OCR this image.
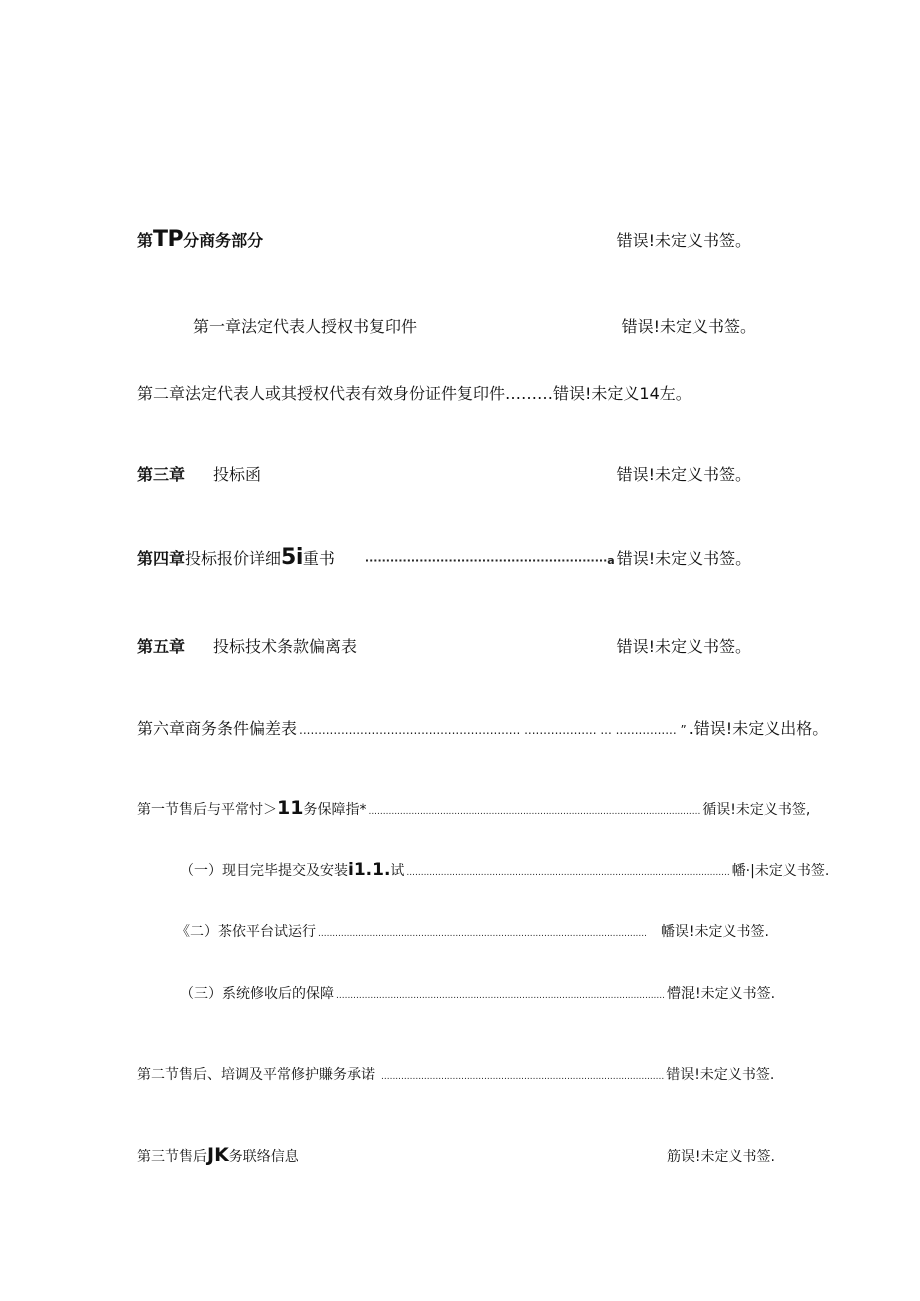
第 TP 分商务部分	错误!未定义书签。
第一章法定代表人授权书复印件	错误!未定义书签。
第二章法定代表人或其授权代表有效身份证件复印件 ……… 错误!未定义14左。
第三章 投标函	错误!未定义书签。
第四章 投标报价详细 5i 重书	··························································a 错误!未定义书签。
第五章 投标技术条款偏离表	错误!未定义书签。
第六章商务条件偏差表 .......................................................... ................... ... ................ ” .错误!未定义出格。
第一节售后与平常忖＞ 11 务保障指* .................................................................................................................... 循误!未定义书签,
（一）现目完毕提交及安装 i1.1. 试 ................................................................................................................. 幡·|未定义书签.
《二）茶依平台试运行 ................................................................................................................... 幡误!未定义书签.
（三）系统修收后的保障 ................................................................................................................... 懵混!未定义书签.
第二节售后、培调及平常修护賺务承诺 ................................................................................................... 错误!未定义书签.
第三节售后 JK 务联络信息	筋误!未定义书签.
